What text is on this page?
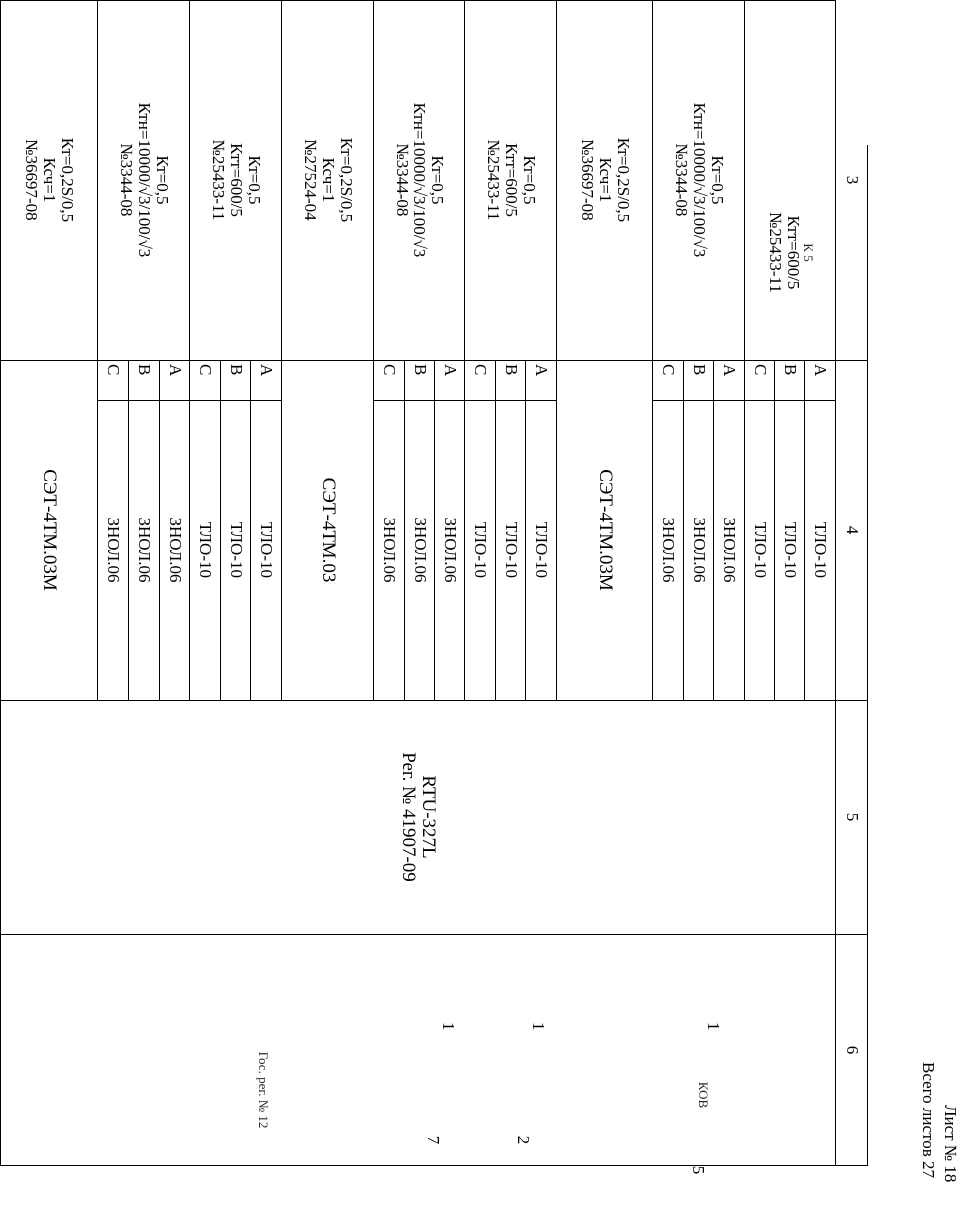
Лист № 18
Всего листов 27
3
4
5
6
К 5
Ктт=600/5
№25433-11
A
B
C
ТЛО-10
ТЛО-10
ТЛО-10
Кт=0,5
Ктн=10000/√3/100/√3
№3344-08
A
B
C
ЗНОЛ.06
ЗНОЛ.06
ЗНОЛ.06
Кт=0,2S/0,5
Ксч=1
№36697-08
СЭТ-4ТМ.03М
Кт=0,5
Ктт=600/5
№25433-11
A
B
C
ТЛО-10
ТЛО-10
ТЛО-10
Кт=0,5
Ктн=10000/√3/100/√3
№3344-08
A
B
C
ЗНОЛ.06
ЗНОЛ.06
ЗНОЛ.06
Кт=0,2S/0,5
Ксч=1
№27524-04
СЭТ-4ТМ.03
Кт=0,5
Ктт=600/5
№25433-11
A
B
C
ТЛО-10
ТЛО-10
ТЛО-10
Кт=0,5
Ктн=10000/√3/100/√3
№3344-08
A
B
C
ЗНОЛ.06
ЗНОЛ.06
ЗНОЛ.06
Кт=0,2S/0,5
Ксч=1
№36697-08
СЭТ-4ТМ.03М
RTU-327L
Рег. № 41907-09
1
5
КОВ
1
2
1
7
Гос. рег. № 12
